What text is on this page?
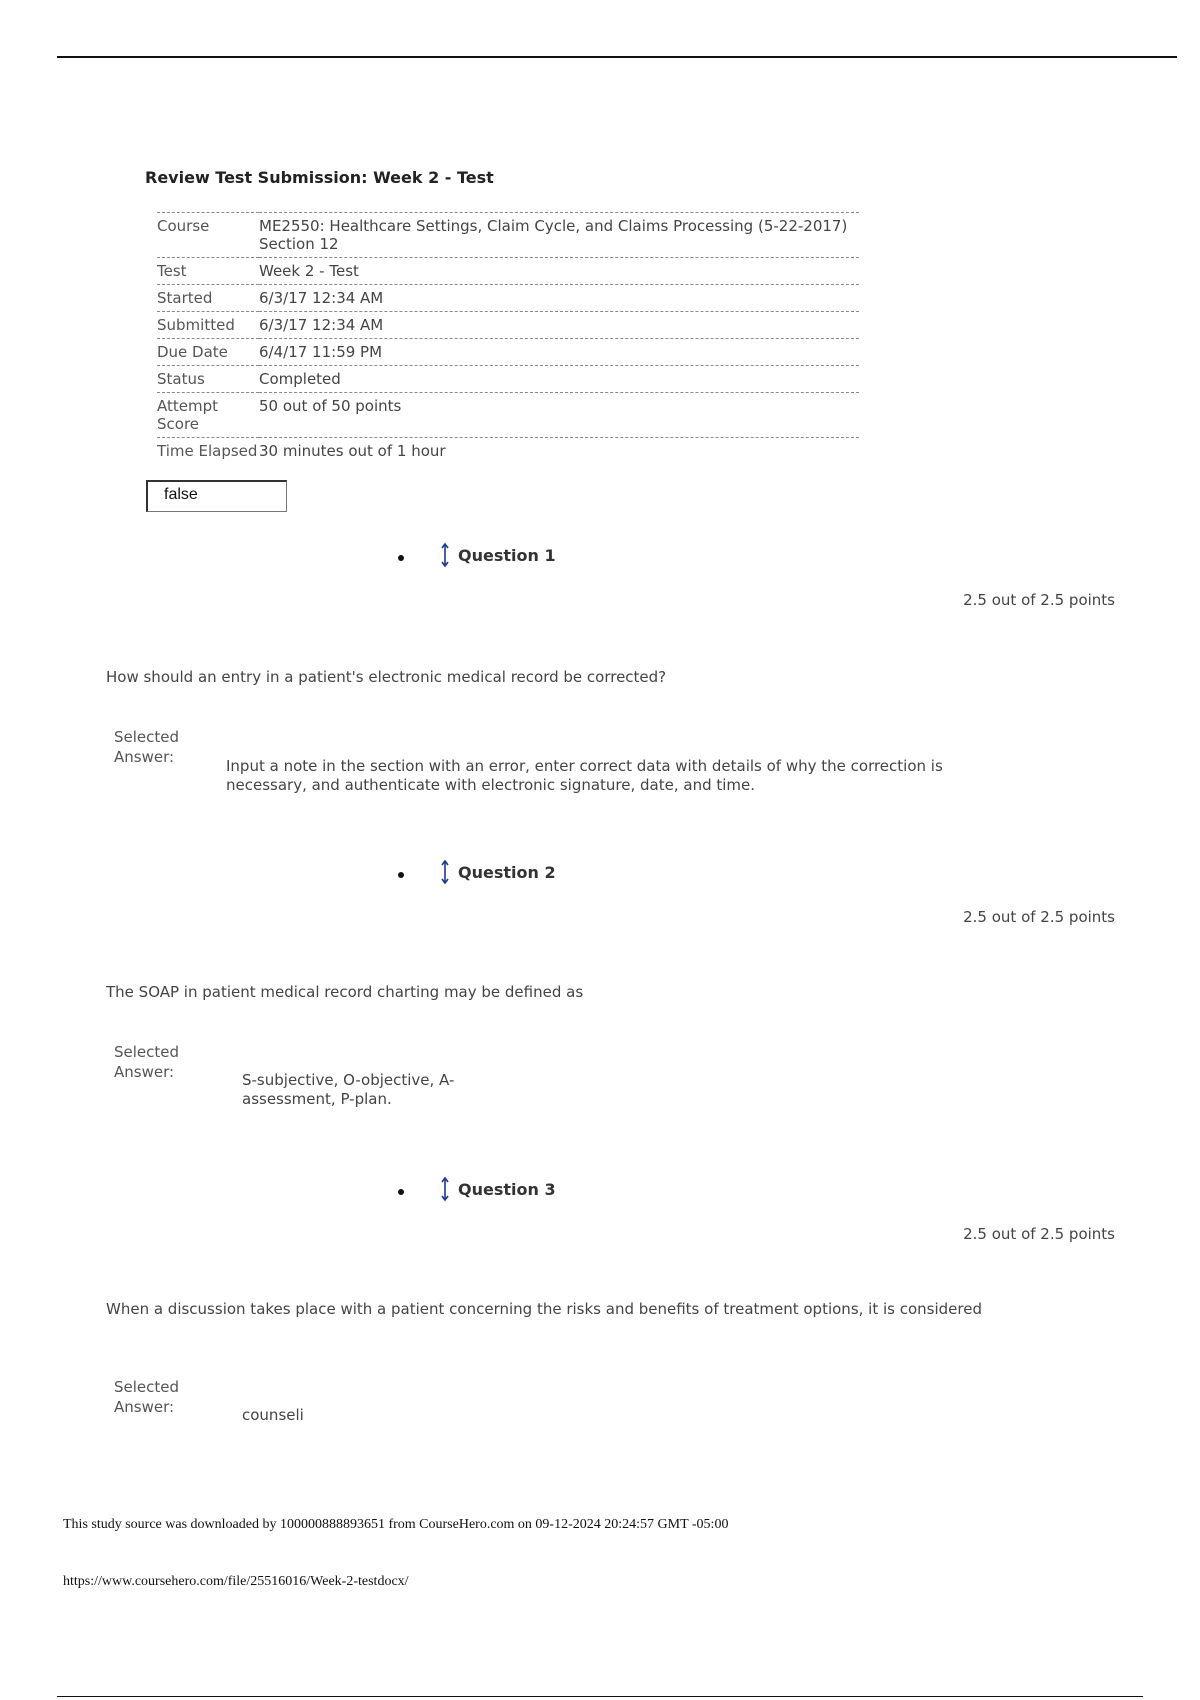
Review Test Submission: Week 2 - Test
Course	ME2550: Healthcare Settings, Claim Cycle, and Claims Processing (5-22-2017) Section 12
Test	Week 2 - Test
Started	6/3/17 12:34 AM
Submitted	6/3/17 12:34 AM
Due Date	6/4/17 11:59 PM
Status	Completed
Attempt Score	50 out of 50 points
Time Elapsed	30 minutes out of 1 hour
false
Question 1
2.5 out of 2.5 points
How should an entry in a patient's electronic medical record be corrected?
Selected Answer:	Input a note in the section with an error, enter correct data with details of why the correction is necessary, and authenticate with electronic signature, date, and time.
Question 2
2.5 out of 2.5 points
The SOAP in patient medical record charting may be defined as
Selected Answer:	S-subjective, O-objective, A-assessment, P-plan.
Question 3
2.5 out of 2.5 points
When a discussion takes place with a patient concerning the risks and benefits of treatment options, it is considered
Selected Answer:	counseli
This study source was downloaded by 100000888893651 from CourseHero.com on 09-12-2024 20:24:57 GMT -05:00
https://www.coursehero.com/file/25516016/Week-2-testdocx/
